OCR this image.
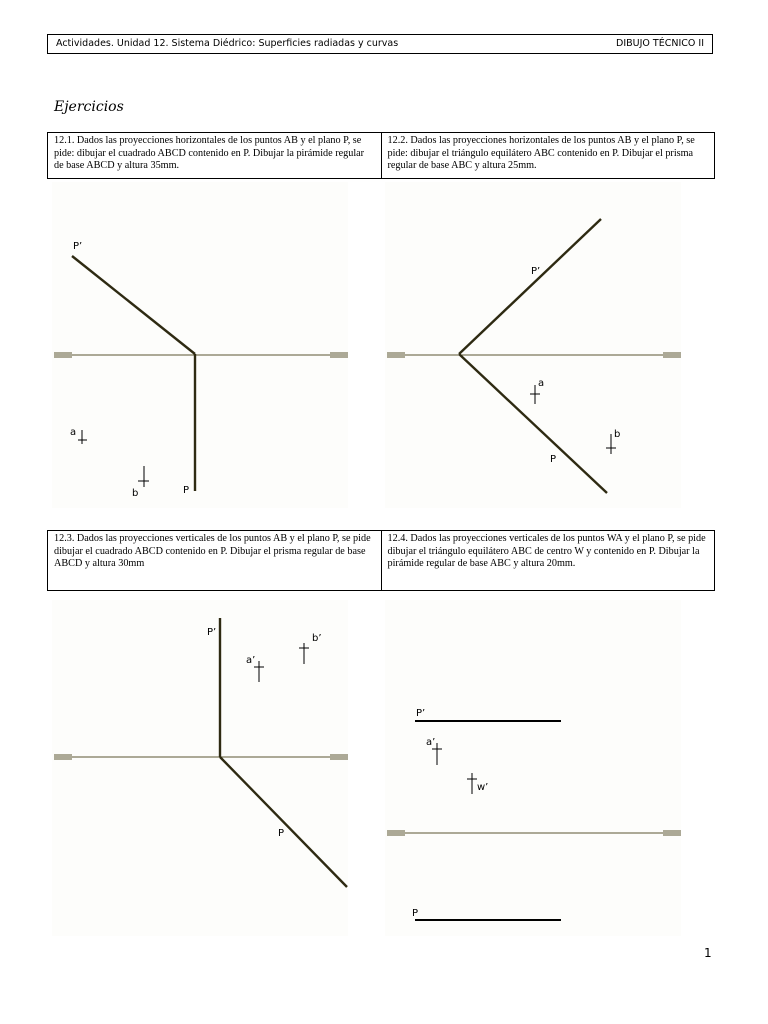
Actividades. Unidad 12. Sistema Diédrico: Superficies radiadas y curvas	DIBUJO TÉCNICO II
Ejercicios
12.1. Dados las proyecciones horizontales de los puntos AB y el plano P, se pide: dibujar el cuadrado ABCD contenido en P. Dibujar la pirámide regular de base ABCD y altura 35mm.	12.2. Dados las proyecciones horizontales de los puntos AB y el plano P, se pide: dibujar el triángulo equilátero ABC contenido en P. Dibujar el prisma regular de base ABC y altura 25mm.
P’
a
b	P
P’
a
b
P
12.3. Dados las proyecciones verticales de los puntos AB y el plano P, se pide dibujar el cuadrado ABCD contenido en P. Dibujar el prisma regular de base ABCD y altura 30mm	12.4. Dados las proyecciones verticales de los puntos WA y el plano P, se pide dibujar el triángulo equilátero ABC de centro W y contenido en P. Dibujar la pirámide regular de base ABC y altura 20mm.
P’
a’
b’
P
P’
a’
w’
P
1
